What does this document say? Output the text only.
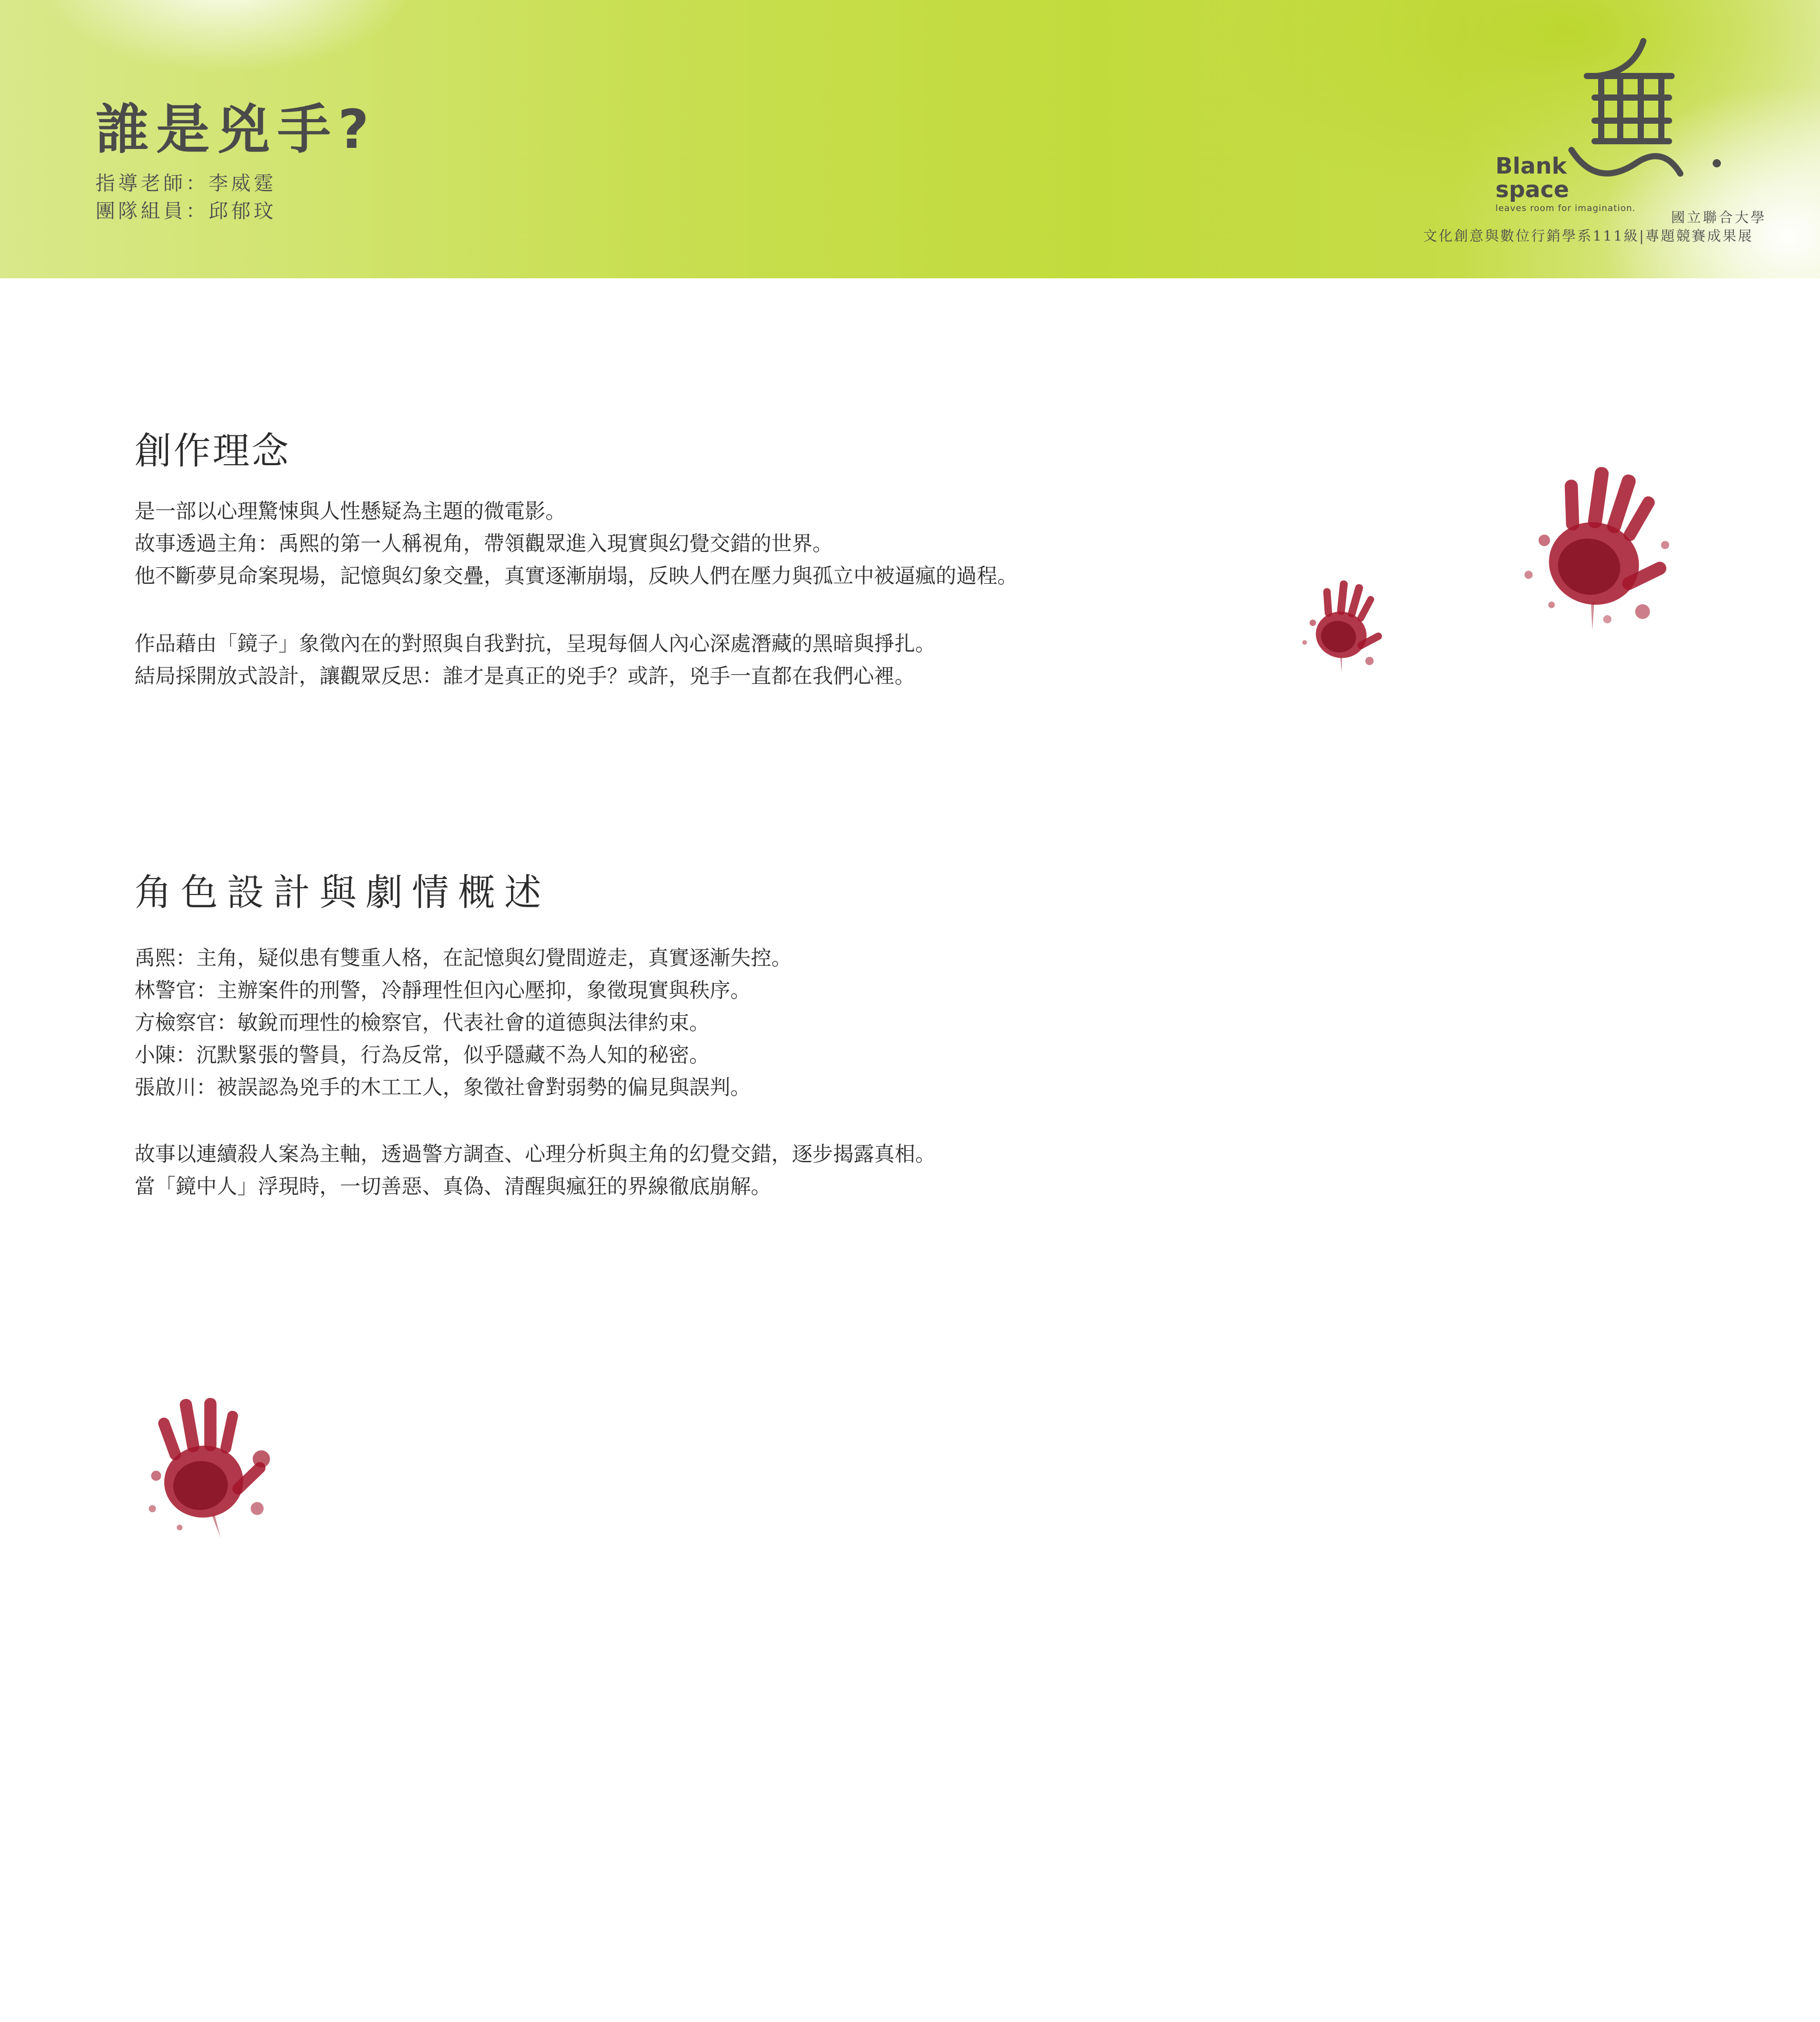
誰是兇手?
指導老師：李威霆
團隊組員：邱郁玟
Blank
space
leaves room for imagination.
國立聯合大學
文化創意與數位行銷學系111級|專題競賽成果展
創作理念

是一部以心理驚悚與人性懸疑為主題的微電影。

故事透過主角：禹熙的第一人稱視角，帶領觀眾進入現實與幻覺交錯的世界。

他不斷夢見命案現場，記憶與幻象交疊，真實逐漸崩塌，反映人們在壓力與孤立中被逼瘋的過程。

作品藉由「鏡子」象徵內在的對照與自我對抗，呈現每個人內心深處潛藏的黑暗與掙扎。

結局採開放式設計，讓觀眾反思：誰才是真正的兇手？或許，兇手一直都在我們心裡。

角色設計與劇情概述

禹熙：主角，疑似患有雙重人格，在記憶與幻覺間遊走，真實逐漸失控。

林警官：主辦案件的刑警，冷靜理性但內心壓抑，象徵現實與秩序。

方檢察官：敏銳而理性的檢察官，代表社會的道德與法律約束。

小陳：沉默緊張的警員，行為反常，似乎隱藏不為人知的秘密。

張啟川：被誤認為兇手的木工工人，象徵社會對弱勢的偏見與誤判。

故事以連續殺人案為主軸，透過警方調查、心理分析與主角的幻覺交錯，逐步揭露真相。

當「鏡中人」浮現時，一切善惡、真偽、清醒與瘋狂的界線徹底崩解。
